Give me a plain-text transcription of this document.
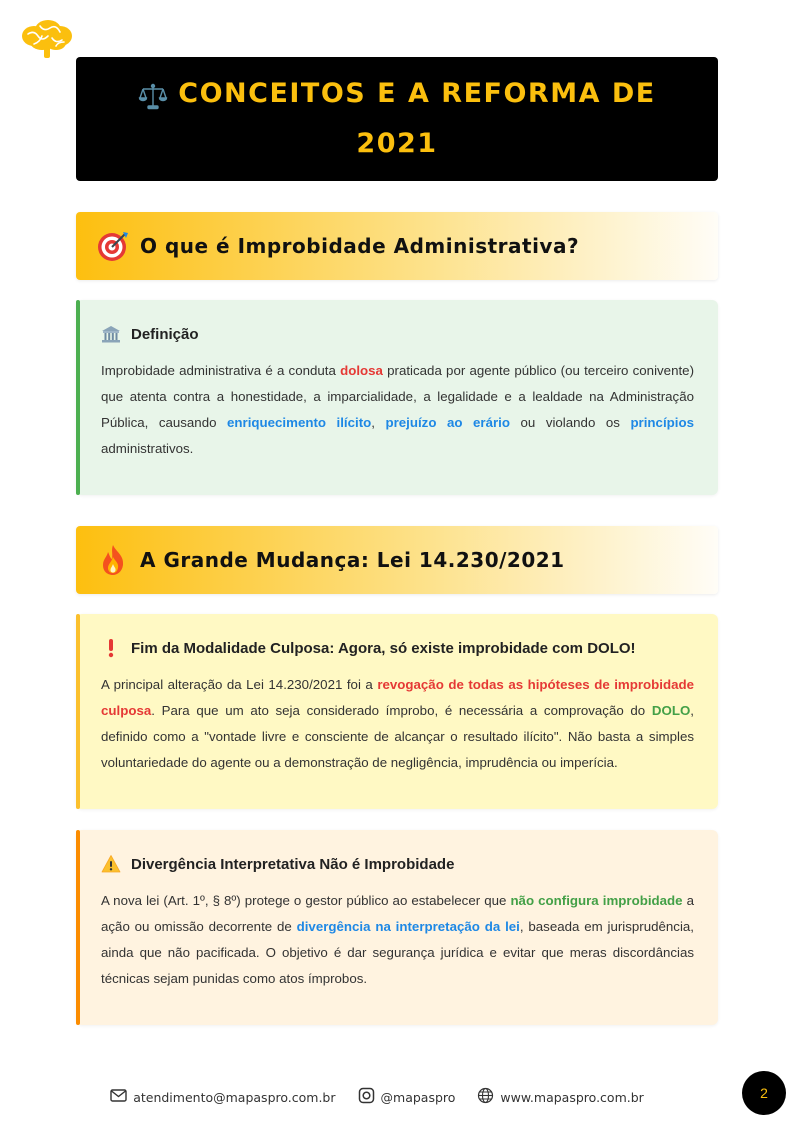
CONCEITOS E A REFORMA DE
2021
O que é Improbidade Administrativa?
Definição
Improbidade administrativa é a conduta dolosa praticada por agente público (ou terceiro conivente) que atenta contra a honestidade, a imparcialidade, a legalidade e a lealdade na Administração Pública, causando enriquecimento ilícito, prejuízo ao erário ou violando os princípios administrativos.
A Grande Mudança: Lei 14.230/2021
Fim da Modalidade Culposa: Agora, só existe improbidade com DOLO!
A principal alteração da Lei 14.230/2021 foi a revogação de todas as hipóteses de improbidade culposa. Para que um ato seja considerado ímprobo, é necessária a comprovação do DOLO, definido como a "vontade livre e consciente de alcançar o resultado ilícito". Não basta a simples voluntariedade do agente ou a demonstração de negligência, imprudência ou imperícia.
Divergência Interpretativa Não é Improbidade
A nova lei (Art. 1º, § 8º) protege o gestor público ao estabelecer que não configura improbidade a ação ou omissão decorrente de divergência na interpretação da lei, baseada em jurisprudência, ainda que não pacificada. O objetivo é dar segurança jurídica e evitar que meras discordâncias técnicas sejam punidas como atos ímprobos.
atendimento@mapaspro.com.br	@mapaspro	www.mapaspro.com.br	2
